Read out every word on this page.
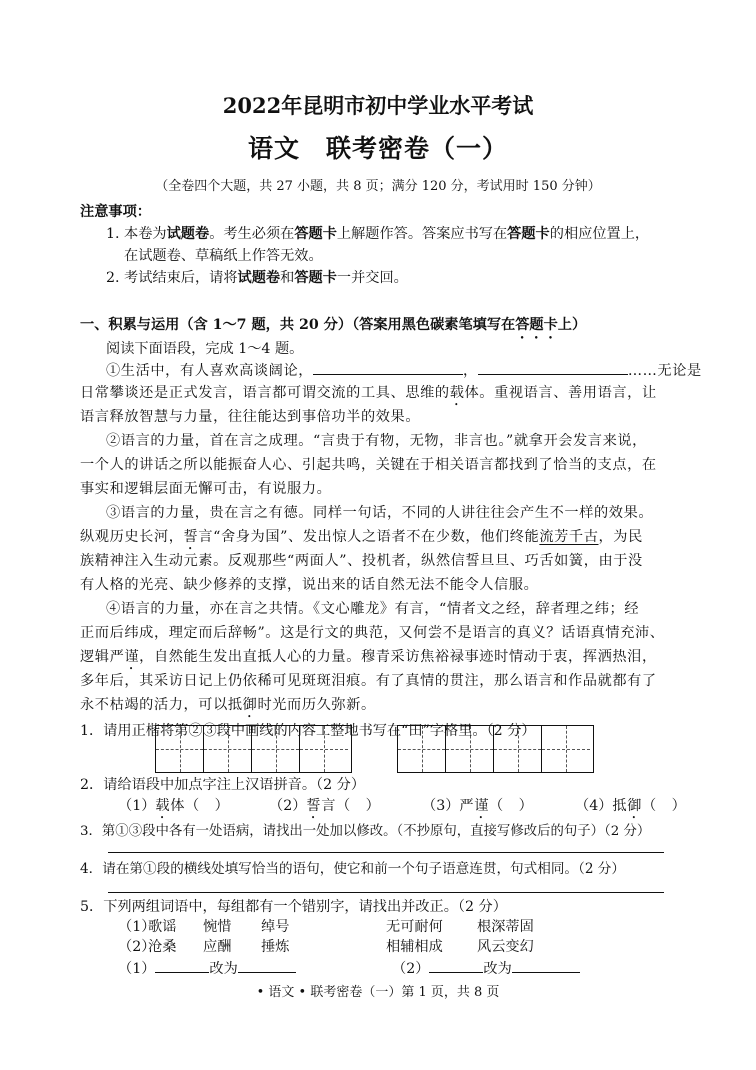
2022年昆明市初中学业水平考试
语文　联考密卷（一）
（全卷四个大题，共 27 小题，共 8 页；满分 120 分，考试用时 150 分钟）
注意事项：
1. 本卷为试题卷。考生必须在答题卡上解题作答。答案应书写在答题卡的相应位置上，
在试题卷、草稿纸上作答无效。
2. 考试结束后，请将试题卷和答题卡一并交回。
一、积累与运用（含 1～7 题，共 20 分）（答案用黑色碳素笔填写在答题卡上）
阅读下面语段，完成 1～4 题。
①生活中，有人喜欢高谈阔论，	，	……无论是
日常攀谈还是正式发言，语言都可谓交流的工具、思维的载体。重视语言、善用语言，让
语言释放智慧与力量，往往能达到事倍功半的效果。
②语言的力量，首在言之成理。“言贵于有物，无物，非言也。”就拿开会发言来说，
一个人的讲话之所以能振奋人心、引起共鸣，关键在于相关语言都找到了恰当的支点，在
事实和逻辑层面无懈可击，有说服力。
③语言的力量，贵在言之有德。同样一句话，不同的人讲往往会产生不一样的效果。
纵观历史长河，誓言“舍身为国”、发出惊人之语者不在少数，他们终能流芳千古，为民
族精神注入生动元素。反观那些“两面人”、投机者，纵然信誓旦旦、巧舌如簧，由于没
有人格的光亮、缺少修养的支撑，说出来的话自然无法不能令人信服。
④语言的力量，亦在言之共情。《文心雕龙》有言，“情者文之经，辞者理之纬；经
正而后纬成，理定而后辞畅”。这是行文的典范，又何尝不是语言的真义？话语真情充沛、
逻辑严谨，自然能生发出直抵人心的力量。穆青采访焦裕禄事迹时情动于衷，挥洒热泪，
多年后，其采访日记上仍依稀可见斑斑泪痕。有了真情的贯注，那么语言和作品就都有了
永不枯竭的活力，可以抵御时光而历久弥新。
1．请用正楷将第②③段中画线的内容工整地书写在“田”字格里。（2 分）
2．请给语段中加点字注上汉语拼音。（2 分）
（1）载体（　）	（2）誓言（　）	（3）严谨（　）	（4）抵御（　）
3．第①③段中各有一处语病，请找出一处加以修改。（不抄原句，直接写修改后的句子）（2 分）
4．请在第①段的横线处填写恰当的语句，使它和前一个句子语意连贯，句式相同。（2 分）
5．下列两组词语中，每组都有一个错别字，请找出并改正。（2 分）
（1）
歌谣 惋惜 绰号	无可耐何 根深蒂固
（2）
沧桑 应酬 捶炼	相辅相成 风云变幻
（1）	改为	（2）	改为
• 语文 • 联考密卷（一）第 1 页，共 8 页
